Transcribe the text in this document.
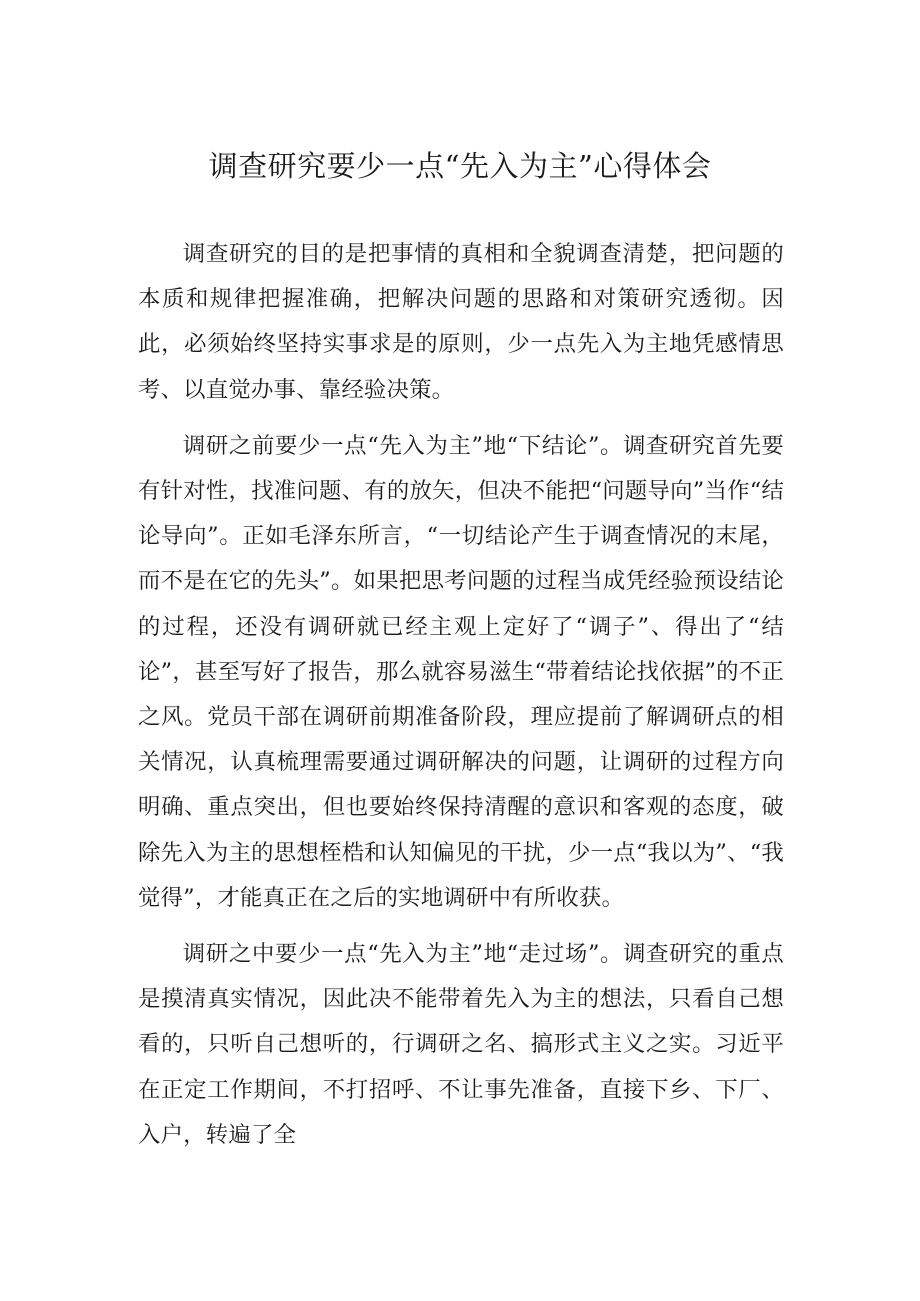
调查研究要少一点“先入为主”心得体会

调查研究的目的是把事情的真相和全貌调查清楚，把问题的本质和规律把握准确，把解决问题的思路和对策研究透彻。因此，必须始终坚持实事求是的原则，少一点先入为主地凭感情思考、以直觉办事、靠经验决策。

调研之前要少一点“先入为主”地“下结论”。调查研究首先要有针对性，找准问题、有的放矢，但决不能把“问题导向”当作“结论导向”。正如毛泽东所言，“一切结论产生于调查情况的末尾，而不是在它的先头”。如果把思考问题的过程当成凭经验预设结论的过程，还没有调研就已经主观上定好了“调子”、得出了“结论”，甚至写好了报告，那么就容易滋生“带着结论找依据”的不正之风。党员干部在调研前期准备阶段，理应提前了解调研点的相关情况，认真梳理需要通过调研解决的问题，让调研的过程方向明确、重点突出，但也要始终保持清醒的意识和客观的态度，破除先入为主的思想桎梏和认知偏见的干扰，少一点“我以为”、“我觉得”，才能真正在之后的实地调研中有所收获。

调研之中要少一点“先入为主”地“走过场”。调查研究的重点是摸清真实情况，因此决不能带着先入为主的想法，只看自己想看的，只听自己想听的，行调研之名、搞形式主义之实。习近平在正定工作期间，不打招呼、不让事先准备，直接下乡、下厂、入户，转遍了全
